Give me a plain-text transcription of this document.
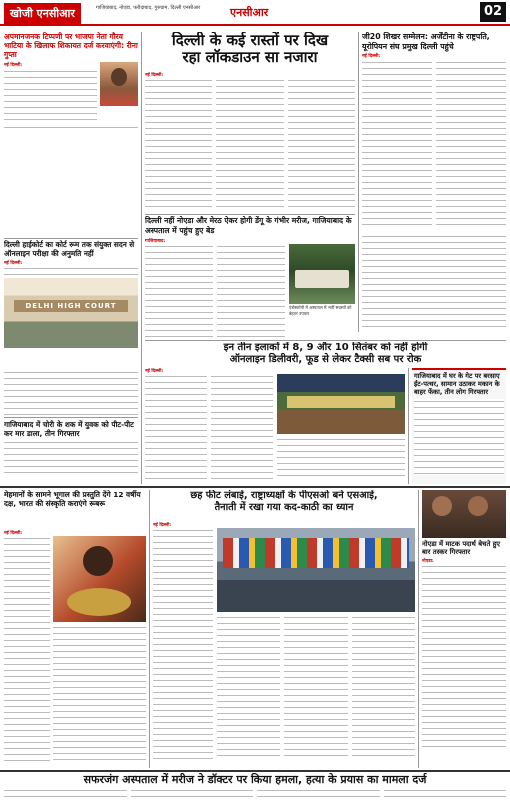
खोजी एनसीआर	गाजियाबाद, नोएडा, फरीदाबाद, गुरुग्राम, दिल्ली एनसीआर	एनसीआर	02
अपमानजनक टिप्पणी पर भाजपा नेता गौरव भाटिया के खिलाफ शिकायत दर्ज करवाएंगी: रीना गुप्ता
नई दिल्ली:
दिल्ली हाईकोर्ट का कोर्ट रूम तक संयुक्त सदन से ऑनलाइन परीक्षा की अनुमति नहीं
नई दिल्ली:
DELHI HIGH COURT
गाजियाबाद में चोरी के शक में युवक को पीट-पीट कर मार डाला, तीन गिरफ्तार
दिल्ली के कई रास्तों पर दिख
रहा लॉकडाउन सा नजारा
नई दिल्ली:
जी20 शिखर सम्मेलन: अर्जेंटीना के राष्ट्रपति, यूरोपियन संघ प्रमुख दिल्ली पहुंचे
नई दिल्ली:
दिल्ली नहीं नोएडा और मेरठ ऐकर होगी डेंगू के गंभीर मरीज, गाजियाबाद के अस्पताल में पहुंच हुए बेड
गाजियाबाद:
एंडोस्कोपी में अस्पताल में भर्ती सदस्यों को बेहतर उपचार
इन तीन इलाकों में 8, 9 और 10 सितंबर को नहीं होगी
ऑनलाइन डिलीवरी, फूड से लेकर टैक्सी सब पर रोक
नई दिल्ली:
गाजियाबाद में घर के गेट पर बरसाए ईंट-पत्थर, सामान उठाकर मकान के बाहर फेंका, तीन लोग गिरफ्तार
मेहमानों के सामने भूगाल की प्रस्तुति देंगे 12 वर्षीय दक्ष, भारत की संस्कृति कराएंगे रूबरू
नई दिल्ली:
छह फीट लंबाई, राष्ट्राध्यक्षों के पीएसओ बने एसआई,
तैनाती में रखा गया कद-काठी का ध्यान
नई दिल्ली:
नोएडा में माटक पदार्थ बेचते हुए बार तस्कर गिरफ्तार
नोएडा:
सफरजंग अस्पताल में मरीज ने डॉक्टर पर किया हमला, हत्या के प्रयास का मामला दर्ज
